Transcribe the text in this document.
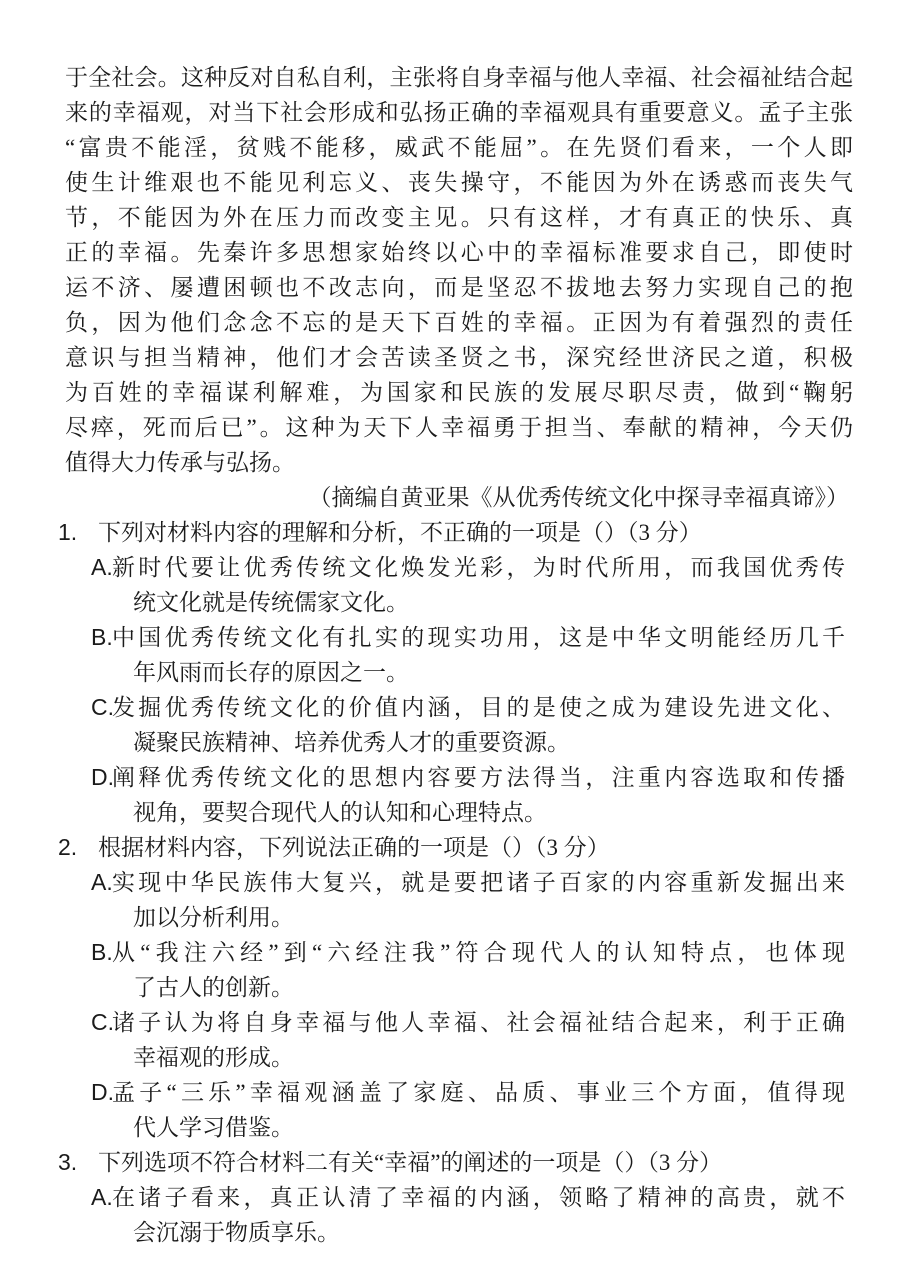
于全社会。这种反对自私自利，主张将自身幸福与他人幸福、社会福祉结合起
来的幸福观，对当下社会形成和弘扬正确的幸福观具有重要意义。孟子主张
“富贵不能淫，贫贱不能移，威武不能屈”。在先贤们看来，一个人即
使生计维艰也不能见利忘义、丧失操守，不能因为外在诱惑而丧失气
节，不能因为外在压力而改变主见。只有这样，才有真正的快乐、真
正的幸福。先秦许多思想家始终以心中的幸福标准要求自己，即使时
运不济、屡遭困顿也不改志向，而是坚忍不拔地去努力实现自己的抱
负，因为他们念念不忘的是天下百姓的幸福。正因为有着强烈的责任
意识与担当精神，他们才会苦读圣贤之书，深究经世济民之道，积极
为百姓的幸福谋利解难，为国家和民族的发展尽职尽责，做到“鞠躬
尽瘁，死而后已”。这种为天下人幸福勇于担当、奉献的精神，今天仍
值得大力传承与弘扬。
（摘编自黄亚果《从优秀传统文化中探寻幸福真谛》）
1. 下列对材料内容的理解和分析，不正确的一项是（）（3 分）
A. 新时代要让优秀传统文化焕发光彩，为时代所用，而我国优秀传
统文化就是传统儒家文化。
B. 中国优秀传统文化有扎实的现实功用，这是中华文明能经历几千
年风雨而长存的原因之一。
C.
发掘优秀传统文化的价值内涵，目的是使之成为建设先进文化、
凝聚民族精神、培养优秀人才的重要资源。
D.
阐释优秀传统文化的思想内容要方法得当，注重内容选取和传播
视角，要契合现代人的认知和心理特点。
2. 根据材料内容，下列说法正确的一项是（）（3 分）
A. 实现中华民族伟大复兴，就是要把诸子百家的内容重新发掘出来
加以分析利用。
B. 从“我注六经”到“六经注我”符合现代人的认知特点，也体现
了古人的创新。
C.
诸子认为将自身幸福与他人幸福、社会福祉结合起来，利于正确
幸福观的形成。
D.
孟子“三乐”幸福观涵盖了家庭、品质、事业三个方面，值得现
代人学习借鉴。
3. 下列选项不符合材料二有关“幸福”的阐述的一项是（）（3 分）
A. 在诸子看来，真正认清了幸福的内涵，领略了精神的高贵，就不
会沉溺于物质享乐。
